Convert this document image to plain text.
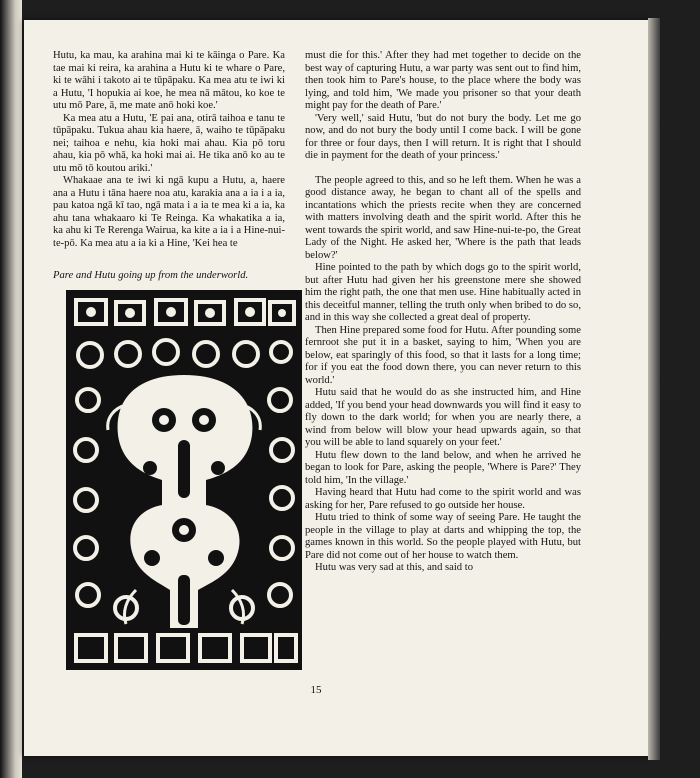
Hutu, ka mau, ka arahina mai ki te kāinga o Pare. Ka tae mai ki reira, ka arahina a Hutu ki te whare o Pare, ki te wāhi i takoto ai te tūpāpaku. Ka mea atu te iwi ki a Hutu, 'I hopukia ai koe, he mea nā mātou, ko koe te utu mō Pare, ā, me mate anō hoki koe.'

Ka mea atu a Hutu, 'E pai ana, otirā taihoa e tanu te tūpāpaku. Tukua ahau kia haere, ā, waiho te tūpāpaku nei; taihoa e nehu, kia hoki mai ahau. Kia pō toru ahau, kia pō whā, ka hoki mai ai. He tika anō ko au te utu mō tō koutou ariki.'

Whakaae ana te iwi ki ngā kupu a Hutu, a, haere ana a Hutu i tāna haere noa atu, karakia ana a ia i a ia, pau katoa ngā kī tao, ngā mata i a ia te mea ki a ia, ka ahu tana whakaaro ki Te Reinga. Ka whakatika a ia, ka ahu ki Te Rerenga Wairua, ka kite a ia i a Hine-nui-te-pō. Ka mea atu a ia ki a Hine, 'Kei hea te

Pare and Hutu going up from the underworld.

must die for this.' After they had met together to decide on the best way of capturing Hutu, a war party was sent out to find him, then took him to Pare's house, to the place where the body was lying, and told him, 'We made you prisoner so that your death might pay for the death of Pare.'

'Very well,' said Hutu, 'but do not bury the body. Let me go now, and do not bury the body until I come back. I will be gone for three or four days, then I will return. It is right that I should die in payment for the death of your princess.'

The people agreed to this, and so he left them. When he was a good distance away, he began to chant all of the spells and incantations which the priests recite when they are concerned with matters involving death and the spirit world. After this he went towards the spirit world, and saw Hine-nui-te-po, the Great Lady of the Night. He asked her, 'Where is the path that leads below?'

Hine pointed to the path by which dogs go to the spirit world, but after Hutu had given her his greenstone mere she showed him the right path, the one that men use. Hine habitually acted in this deceitful manner, telling the truth only when bribed to do so, and in this way she collected a great deal of property.

Then Hine prepared some food for Hutu. After pounding some fernroot she put it in a basket, saying to him, 'When you are below, eat sparingly of this food, so that it lasts for a long time; for if you eat the food down there, you can never return to this world.'

Hutu said that he would do as she instructed him, and Hine added, 'If you bend your head downwards you will find it easy to fly down to the dark world; for when you are nearly there, a wind from below will blow your head upwards again, so that you will be able to land squarely on your feet.'

Hutu flew down to the land below, and when he arrived he began to look for Pare, asking the people, 'Where is Pare?' They told him, 'In the village.'

Having heard that Hutu had come to the spirit world and was asking for her, Pare refused to go outside her house.

Hutu tried to think of some way of seeing Pare. He taught the people in the village to play at darts and whipping the top, the games known in this world. So the people played with Hutu, but Pare did not come out of her house to watch them.

Hutu was very sad at this, and said to

15
